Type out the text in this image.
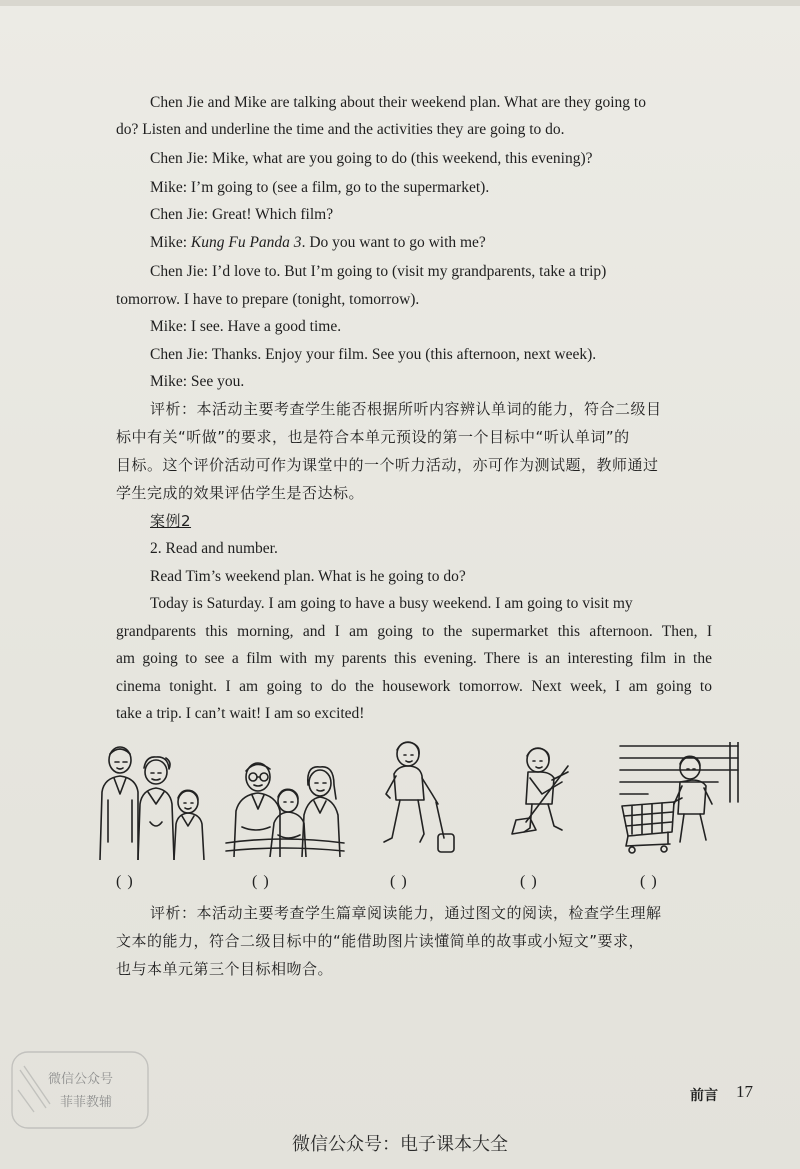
Chen Jie and Mike are talking about their weekend plan. What are they going to
do? Listen and underline the time and the activities they are going to do.
Chen Jie: Mike, what are you going to do (this weekend, this evening)?
Mike: I’m going to (see a film, go to the supermarket).
Chen Jie: Great! Which film?
Mike: Kung Fu Panda 3. Do you want to go with me?
Chen Jie: I’d love to. But I’m going to (visit my grandparents, take a trip)
tomorrow. I have to prepare (tonight, tomorrow).
Mike: I see. Have a good time.
Chen Jie: Thanks. Enjoy your film. See you (this afternoon, next week).
Mike: See you.
评析：本活动主要考查学生能否根据所听内容辨认单词的能力，符合二级目
标中有关“听做”的要求，也是符合本单元预设的第一个目标中“听认单词”的
目标。这个评价活动可作为课堂中的一个听力活动，亦可作为测试题，教师通过
学生完成的效果评估学生是否达标。
案例2
2. Read and number.
Read Tim’s weekend plan. What is he going to do?
Today is Saturday. I am going to have a busy weekend. I am going to visit my
grandparents this morning, and I am going to the supermarket this afternoon. Then, I
am going to see a film with my parents this evening. There is an interesting film in the
cinema tonight. I am going to do the housework tomorrow. Next week, I am going to
take a trip. I can’t wait! I am so excited!
( )	( )	( )	( )	( )
评析：本活动主要考查学生篇章阅读能力，通过图文的阅读，检查学生理解
文本的能力，符合二级目标中的“能借助图片读懂简单的故事或小短文”要求，
也与本单元第三个目标相吻合。
前言 17
微信公众号：电子课本大全
微信公众号
菲菲教辅
